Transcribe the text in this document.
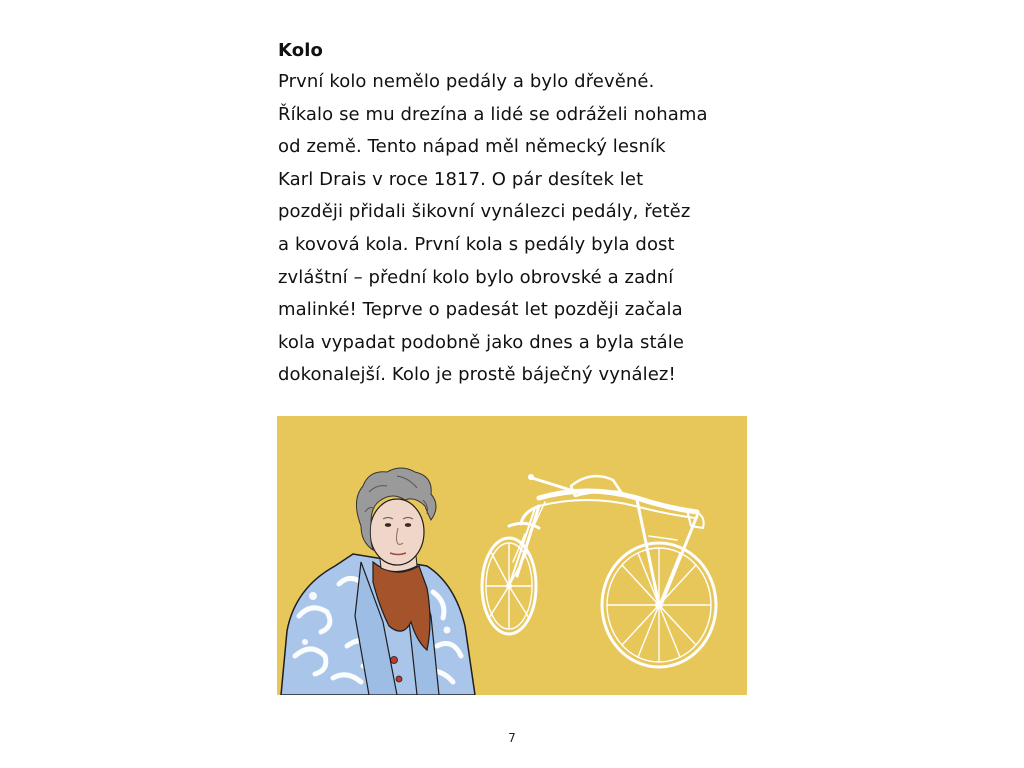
Kolo
První kolo nemělo pedály a bylo dřevěné.
Říkalo se mu drezína a lidé se odráželi nohama
od země. Tento nápad měl německý lesník
Karl Drais v roce 1817. O pár desítek let
později přidali šikovní vynálezci pedály, řetěz
a kovová kola. První kola s pedály byla dost
zvláštní – přední kolo bylo obrovské a zadní
malinké! Teprve o padesát let později začala
kola vypadat podobně jako dnes a byla stále
dokonalejší. Kolo je prostě báječný vynález!
7
